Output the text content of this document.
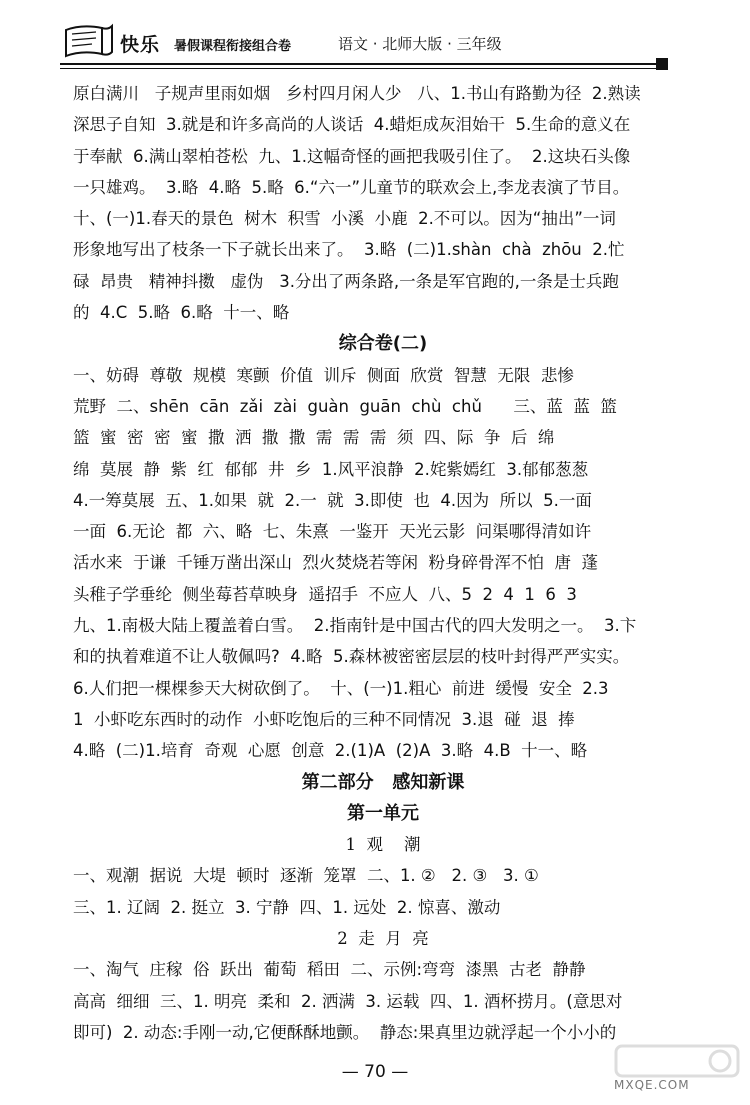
快乐 暑假课程衔接组合卷	语文 · 北师大版 · 三年级
原白满川   子规声里雨如烟   乡村四月闲人少   八、1.书山有路勤为径  2.熟读
深思子自知  3.就是和许多高尚的人谈话  4.蜡炬成灰泪始干  5.生命的意义在
于奉献  6.满山翠柏苍松  九、1.这幅奇怪的画把我吸引住了。  2.这块石头像
一只雄鸡。  3.略  4.略  5.略  6.“六一”儿童节的联欢会上,李龙表演了节目。
十、(一)1.春天的景色  树木  积雪  小溪  小鹿  2.不可以。因为“抽出”一词
形象地写出了枝条一下子就长出来了。  3.略  (二)1.shàn  chà  zhōu  2.忙
碌  昂贵   精神抖擞   虚伪   3.分出了两条路,一条是军官跑的,一条是士兵跑
的  4.C  5.略  6.略  十一、略
综合卷(二)
一、妨碍  尊敬  规模  寒颤  价值  训斥  侧面  欣赏  智慧  无限  悲惨
荒野  二、shēn  cān  zǎi  zài  guàn  guān  chù  chǔ      三、蓝  蓝  篮
篮  蜜  密  密  蜜  撒  洒  撒  撒  需  需  需  须  四、际  争  后  绵
绵  莫展  静  紫  红  郁郁  井  乡  1.风平浪静  2.姹紫嫣红  3.郁郁葱葱
4.一筹莫展  五、1.如果  就  2.一  就  3.即使  也  4.因为  所以  5.一面
一面  6.无论  都  六、略  七、朱熹  一鉴开  天光云影  问渠哪得清如许
活水来  于谦  千锤万凿出深山  烈火焚烧若等闲  粉身碎骨浑不怕  唐  蓬
头稚子学垂纶  侧坐莓苔草映身  遥招手  不应人  八、5  2  4  1  6  3
九、1.南极大陆上覆盖着白雪。  2.指南针是中国古代的四大发明之一。  3.卞
和的执着难道不让人敬佩吗?  4.略  5.森林被密密层层的枝叶封得严严实实。
6.人们把一棵棵参天大树砍倒了。  十、(一)1.粗心  前进  缓慢  安全  2.3
1  小虾吃东西时的动作  小虾吃饱后的三种不同情况  3.退  碰  退  捧
4.略  (二)1.培育  奇观  心愿  创意  2.(1)A  (2)A  3.略  4.B  十一、略
第二部分   感知新课
第一单元
1  观    潮
一、观潮  据说  大堤  顿时  逐渐  笼罩  二、1. ②   2. ③   3. ①
三、1. 辽阔  2. 挺立  3. 宁静  四、1. 远处  2. 惊喜、激动
2  走  月  亮
一、淘气  庄稼  俗  跃出  葡萄  稻田  二、示例:弯弯  漆黑  古老  静静
高高  细细  三、1. 明亮  柔和  2. 洒满  3. 运载  四、1. 酒杯捞月。(意思对
即可)  2. 动态:手刚一动,它便酥酥地颤。  静态:果真里边就浮起一个小小的
— 70 —
MXQE.COM
